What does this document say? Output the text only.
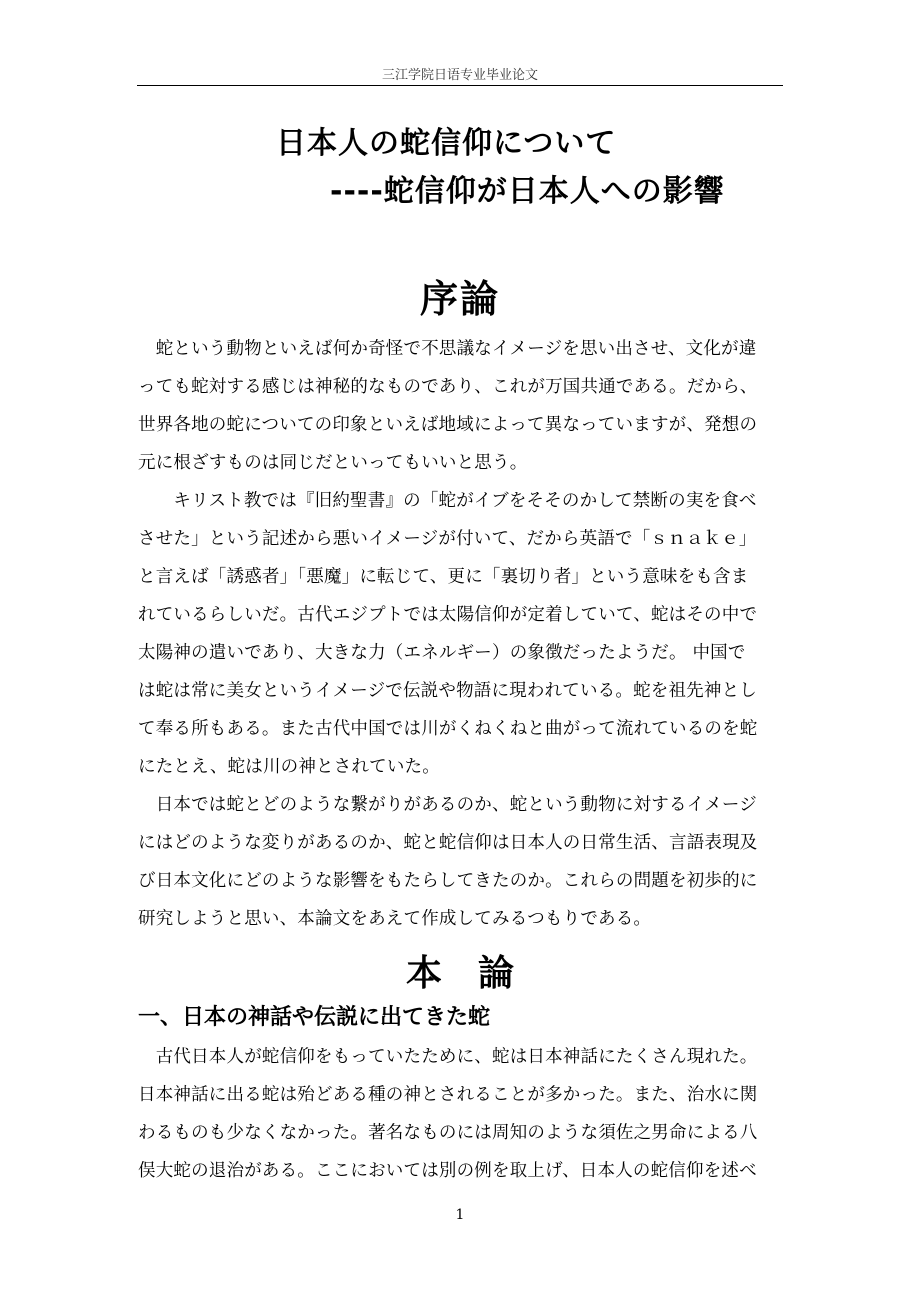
三江学院日语专业毕业论文
日本人の蛇信仰について
----蛇信仰が日本人への影響
序論
　蛇という動物といえば何か奇怪で不思議なイメージを思い出させ、文化が違
っても蛇対する感じは神秘的なものであり、これが万国共通である。だから、
世界各地の蛇についての印象といえば地域によって異なっていますが、発想の
元に根ざすものは同じだといってもいいと思う。
　　キリスト教では『旧約聖書』の「蛇がイブをそそのかして禁断の実を食べ
させた」という記述から悪いイメージが付いて、だから英語で「ｓｎａｋｅ」
と言えば「誘惑者」「悪魔」に転じて、更に「裏切り者」という意味をも含ま
れているらしいだ。古代エジプトでは太陽信仰が定着していて、蛇はその中で
太陽神の遣いであり、大きな力（エネルギー）の象徴だったようだ。 中国で
は蛇は常に美女というイメージで伝説や物語に現われている。蛇を祖先神とし
て奉る所もある。また古代中国では川がくねくねと曲がって流れているのを蛇
にたとえ、蛇は川の神とされていた。
　日本では蛇とどのような繋がりがあるのか、蛇という動物に対するイメージ
にはどのような変りがあるのか、蛇と蛇信仰は日本人の日常生活、言語表現及
び日本文化にどのような影響をもたらしてきたのか。これらの問題を初歩的に
研究しようと思い、本論文をあえて作成してみるつもりである。
本 論
一、日本の神話や伝説に出てきた蛇
　古代日本人が蛇信仰をもっていたために、蛇は日本神話にたくさん現れた。
日本神話に出る蛇は殆どある種の神とされることが多かった。また、治水に関
わるものも少なくなかった。著名なものには周知のような須佐之男命による八
俣大蛇の退治がある。ここにおいては別の例を取上げ、日本人の蛇信仰を述べ
1
